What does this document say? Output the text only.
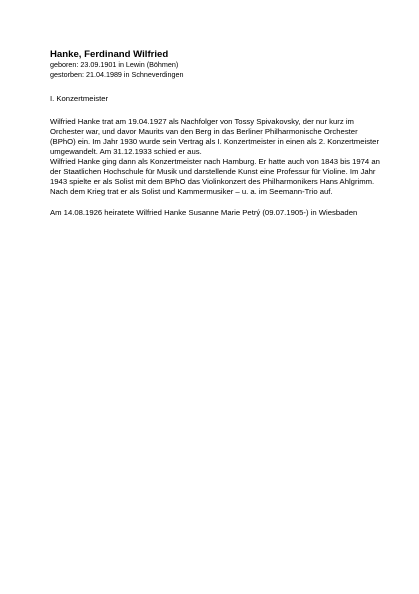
Hanke, Ferdinand Wilfried

geboren: 23.09.1901 in Lewin (Böhmen)

gestorben: 21.04.1989 in Schneverdingen

I. Konzertmeister

Wilfried Hanke trat am 19.04.1927 als Nachfolger von Tossy Spivakovsky, der nur kurz im Orchester war, und davor Maurits van den Berg in das Berliner Philharmonische Orchester (BPhO) ein. Im Jahr 1930 wurde sein Vertrag als I. Konzertmeister in einen als 2. Konzertmeister umgewandelt. Am 31.12.1933 schied er aus.

Wilfried Hanke ging dann als Konzertmeister nach Hamburg. Er hatte auch von 1843 bis 1974 an der Staatlichen Hochschule für Musik und darstellende Kunst eine Professur für Violine. Im Jahr 1943 spielte er als Solist mit dem BPhO das Violinkonzert des Philharmonikers Hans Ahlgrimm. Nach dem Krieg trat er als Solist und Kammermusiker – u. a. im Seemann-Trio auf.

Am 14.08.1926 heiratete Wilfried Hanke Susanne Marie Petrý (09.07.1905-) in Wiesbaden
